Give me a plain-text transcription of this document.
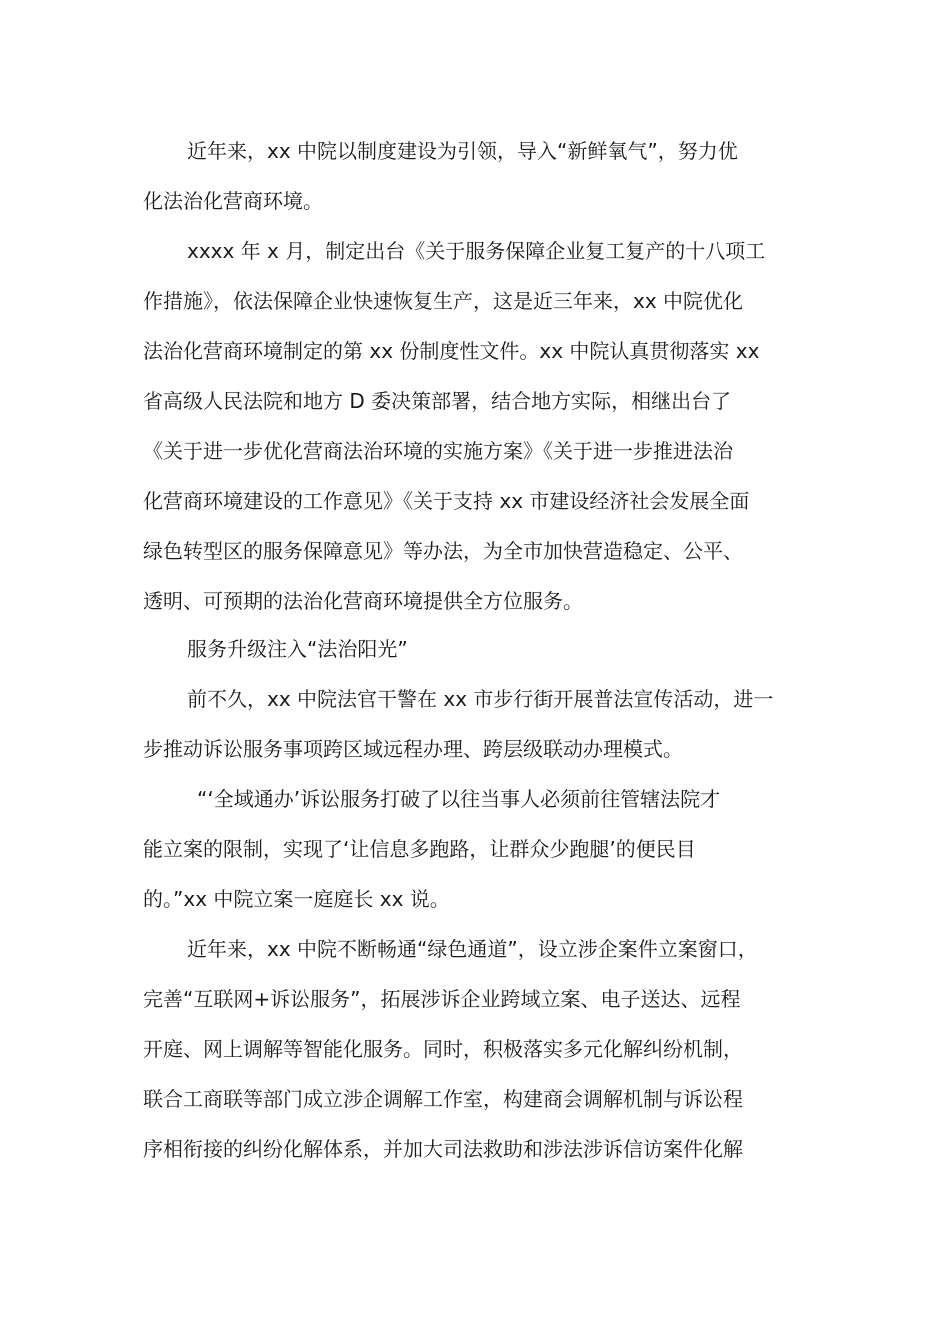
近年来，xx 中院以制度建设为引领，导入“新鲜氧气”，努力优
化法治化营商环境。
xxxx 年 x 月，制定出台《关于服务保障企业复工复产的十八项工
作措施》，依法保障企业快速恢复生产，这是近三年来，xx 中院优化
法治化营商环境制定的第 xx 份制度性文件。xx 中院认真贯彻落实 xx
省高级人民法院和地方 D 委决策部署，结合地方实际，相继出台了
《关于进一步优化营商法治环境的实施方案》《关于进一步推进法治
化营商环境建设的工作意见》《关于支持 xx 市建设经济社会发展全面
绿色转型区的服务保障意见》等办法，为全市加快营造稳定、公平、
透明、可预期的法治化营商环境提供全方位服务。
服务升级注入“法治阳光”
前不久，xx 中院法官干警在 xx 市步行街开展普法宣传活动，进一
步推动诉讼服务事项跨区域远程办理、跨层级联动办理模式。
“‘全域通办’诉讼服务打破了以往当事人必须前往管辖法院才
能立案的限制，实现了‘让信息多跑路，让群众少跑腿’的便民目
的。”xx 中院立案一庭庭长 xx 说。
近年来，xx 中院不断畅通“绿色通道”，设立涉企案件立案窗口，
完善“互联网+诉讼服务”，拓展涉诉企业跨域立案、电子送达、远程
开庭、网上调解等智能化服务。同时，积极落实多元化解纠纷机制，
联合工商联等部门成立涉企调解工作室，构建商会调解机制与诉讼程
序相衔接的纠纷化解体系，并加大司法救助和涉法涉诉信访案件化解
